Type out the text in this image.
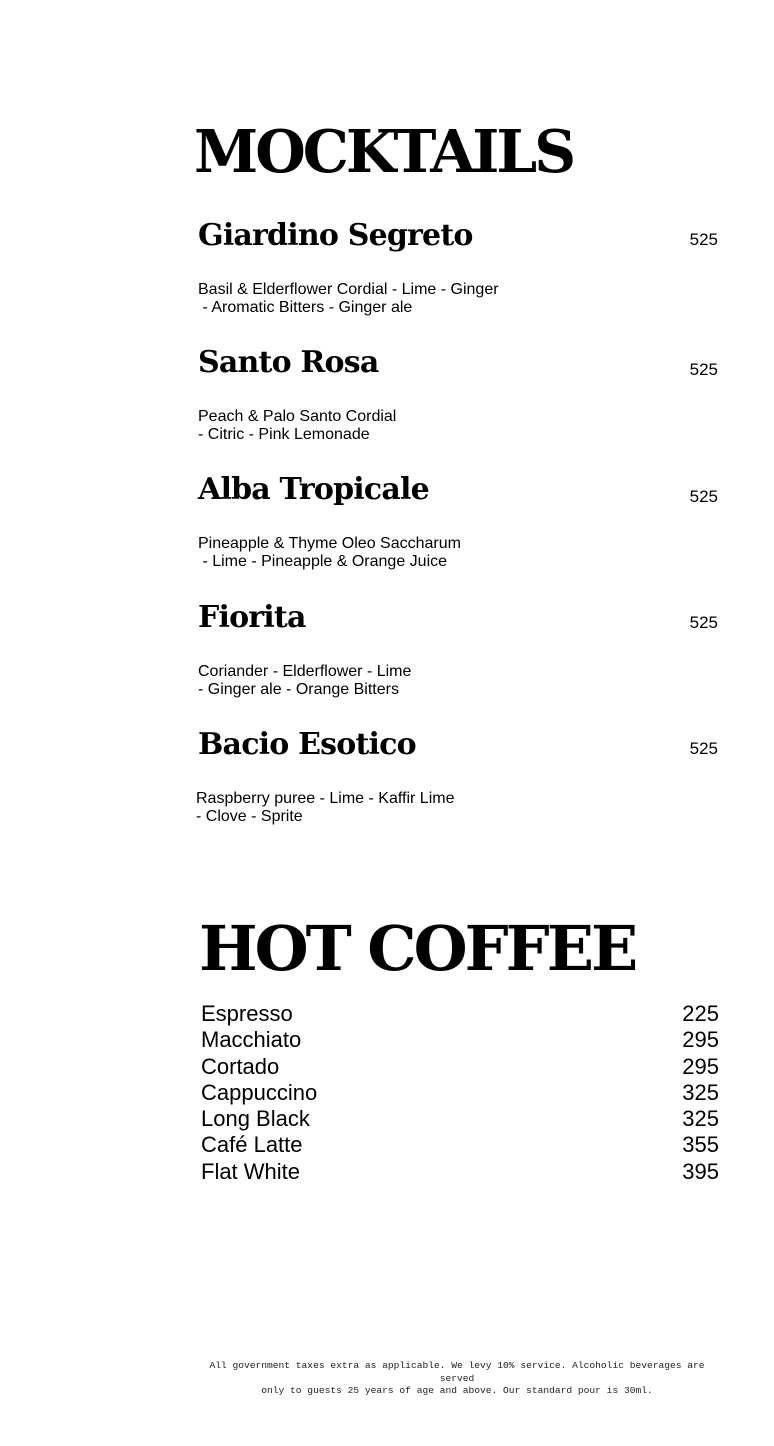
MOCKTAILS
Giardino Segreto	525
Basil & Elderflower Cordial - Lime - Ginger
- Aromatic Bitters - Ginger ale
Santo Rosa	525
Peach & Palo Santo Cordial
- Citric - Pink Lemonade
Alba Tropicale	525
Pineapple & Thyme Oleo Saccharum
- Lime - Pineapple & Orange Juice
Fiorita	525
Coriander - Elderflower - Lime
- Ginger ale - Orange Bitters
Bacio Esotico	525
Raspberry puree - Lime - Kaffir Lime
- Clove - Sprite
HOT COFFEE
Espresso	225
Macchiato	295
Cortado	295
Cappuccino	325
Long Black	325
Café Latte	355
Flat White	395

All government taxes extra as applicable. We levy 10% service. Alcoholic beverages are served
only to guests 25 years of age and above. Our standard pour is 30ml.
